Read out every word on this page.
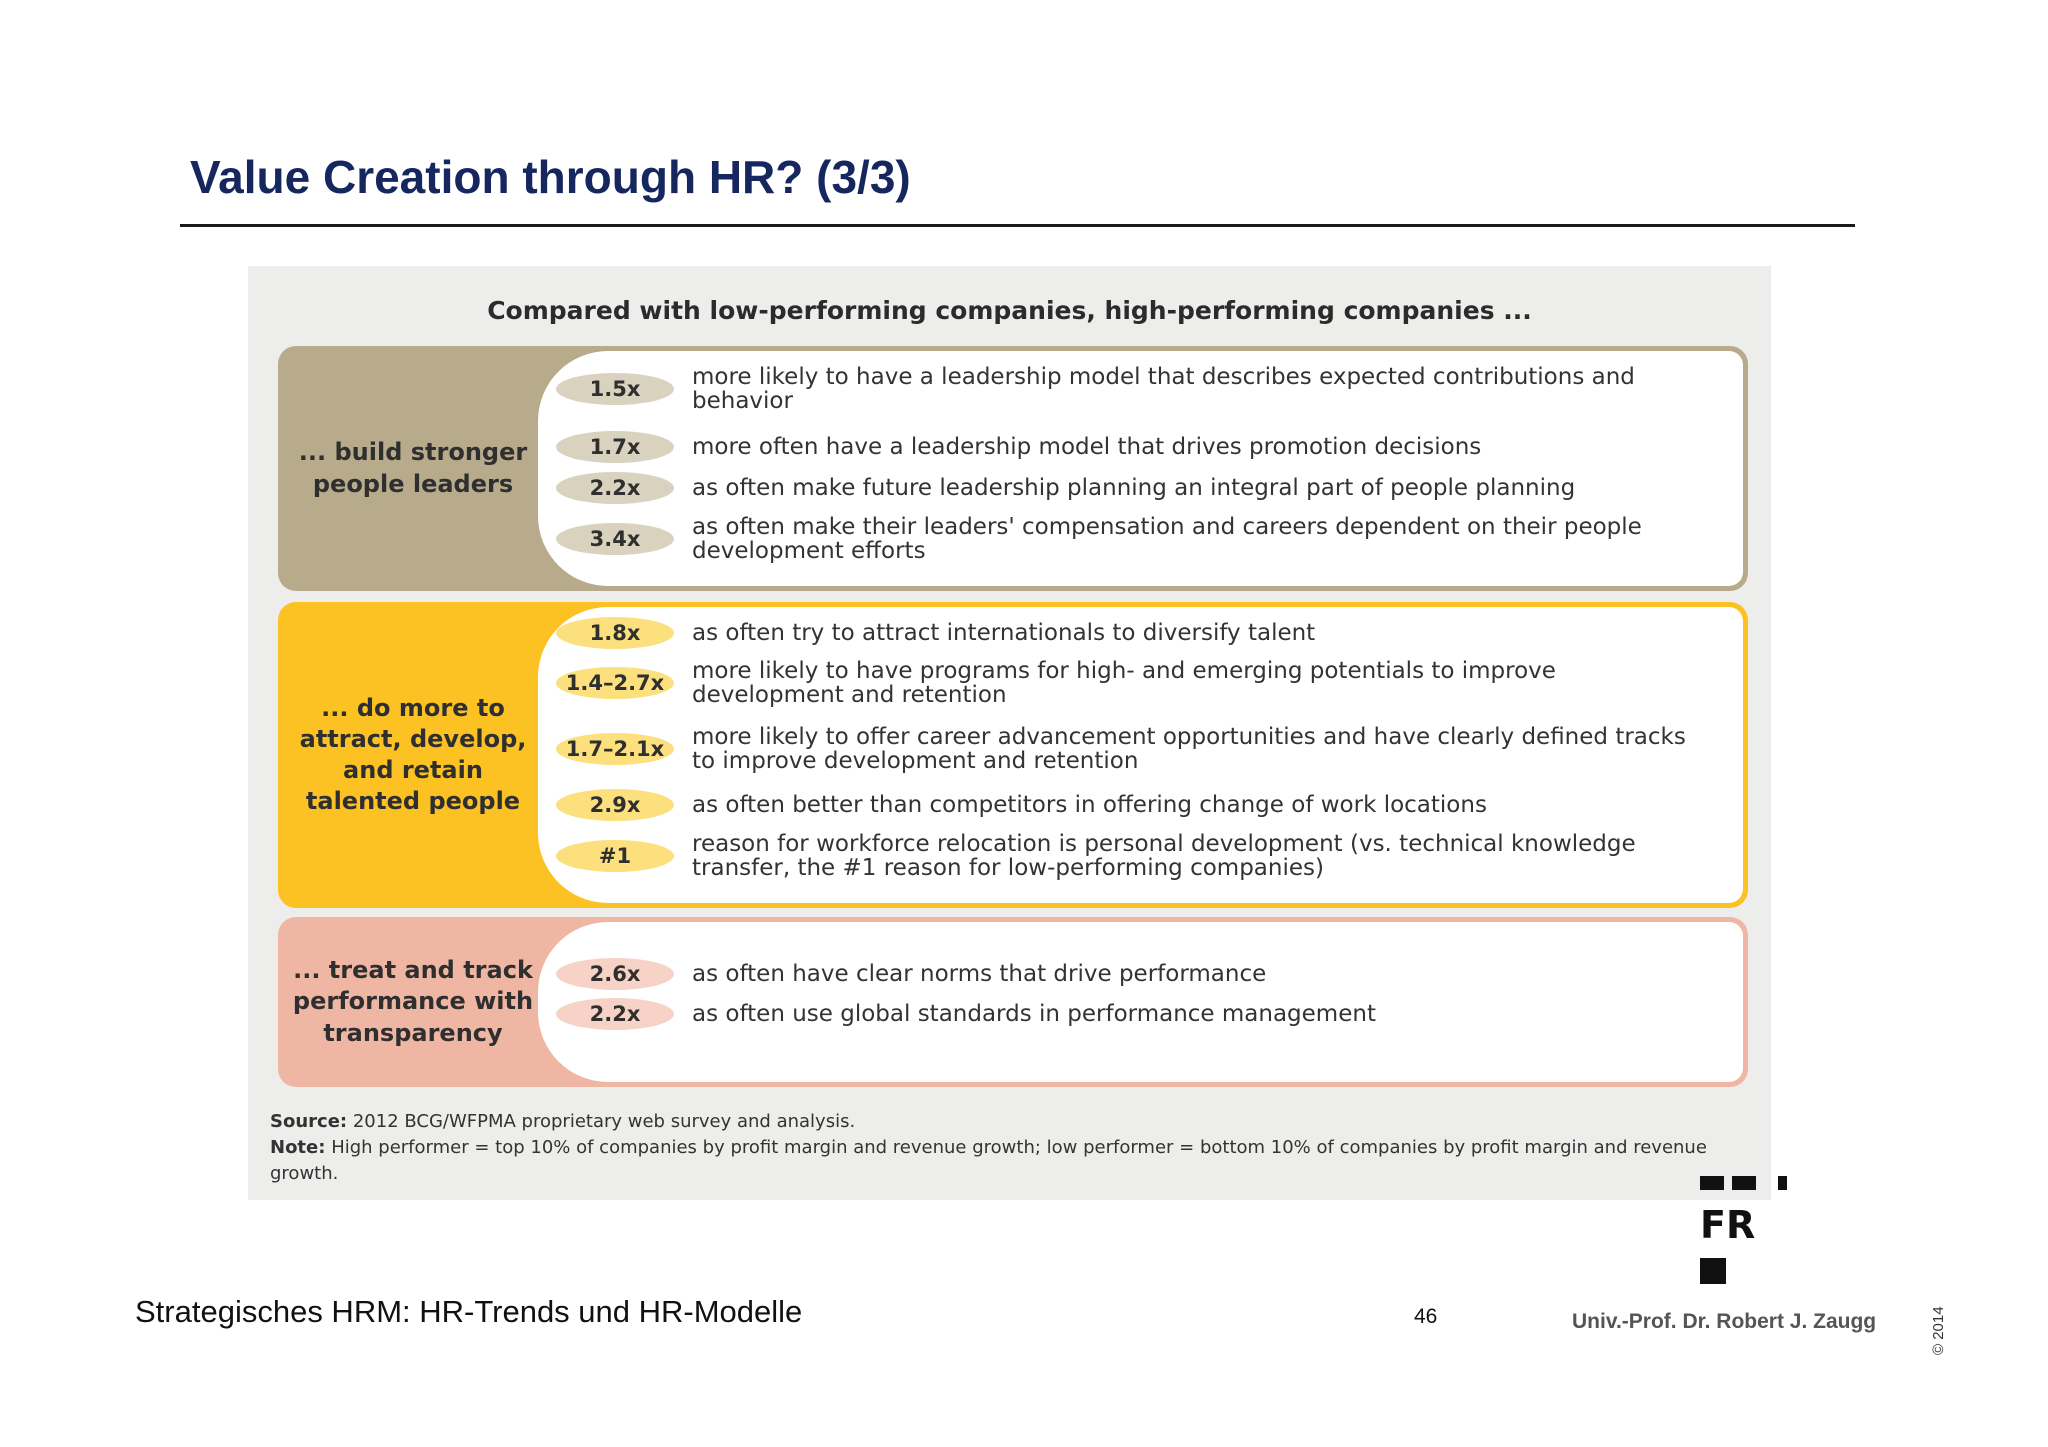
Value Creation through HR? (3/3)
Compared with low-performing companies, high-performing companies ...
... build stronger people leaders
1.5x	more likely to have a leadership model that describes expected contributions and behavior
1.7x	more often have a leadership model that drives promotion decisions
2.2x	as often make future leadership planning an integral part of people planning
3.4x	as often make their leaders' compensation and careers dependent on their people development efforts
... do more to attract, develop, and retain talented people
1.8x	as often try to attract internationals to diversify talent
1.4–2.7x	more likely to have programs for high- and emerging potentials to improve development and retention
1.7–2.1x	more likely to offer career advancement opportunities and have clearly defined tracks to improve development and retention
2.9x	as often better than competitors in offering change of work locations
#1	reason for workforce relocation is personal development (vs. technical knowledge transfer, the #1 reason for low-performing companies)
... treat and track performance with transparency
2.6x	as often have clear norms that drive performance
2.2x	as often use global standards in performance management
Source: 2012 BCG/WFPMA proprietary web survey and analysis.
Note: High performer = top 10% of companies by profit margin and revenue growth; low performer = bottom 10% of companies by profit margin and revenue growth.
FR
Strategisches HRM: HR-Trends und HR-Modelle	46	Univ.-Prof. Dr. Robert J. Zaugg	© 2014
